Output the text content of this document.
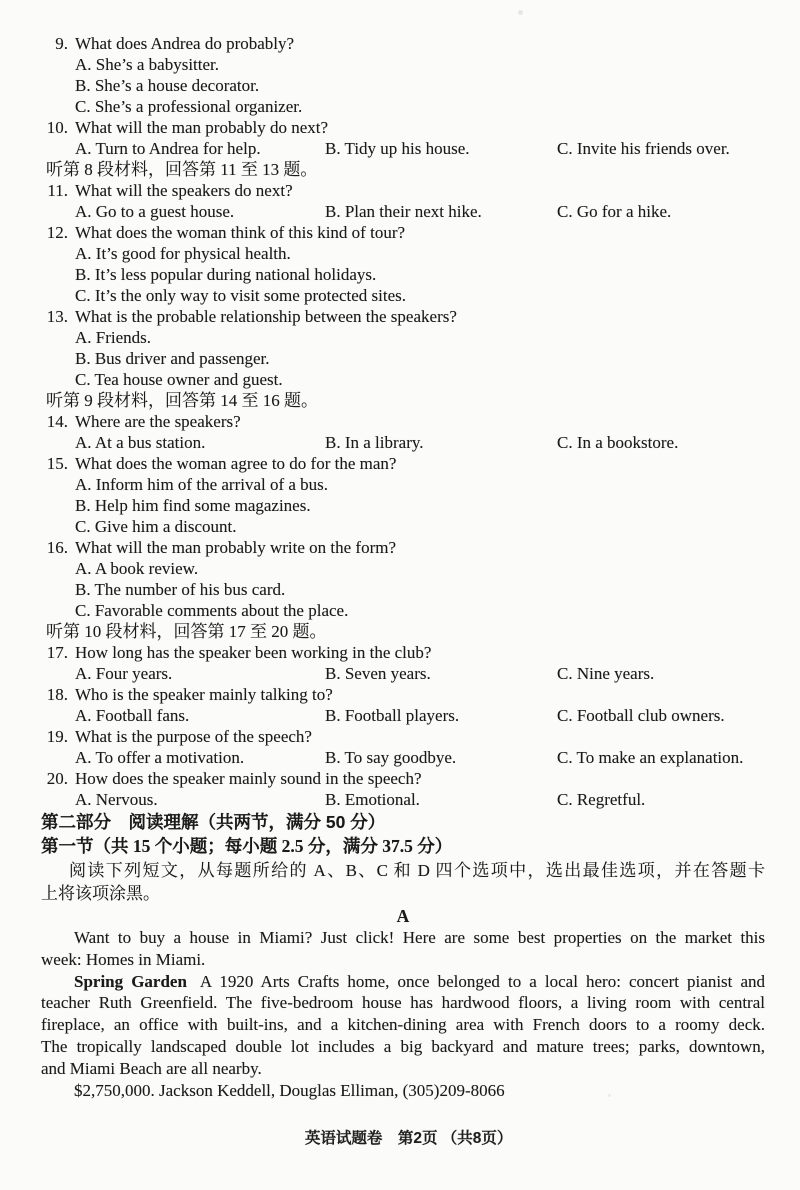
9. What does Andrea do probably?
A. She’s a babysitter.
B. She’s a house decorator.
C. She’s a professional organizer.
10. What will the man probably do next?
A. Turn to Andrea for help.	B. Tidy up his house.	C. Invite his friends over.
听第 8 段材料，回答第 11 至 13 题。
11. What will the speakers do next?
A. Go to a guest house.	B. Plan their next hike.	C. Go for a hike.
12. What does the woman think of this kind of tour?
A. It’s good for physical health.
B. It’s less popular during national holidays.
C. It’s the only way to visit some protected sites.
13. What is the probable relationship between the speakers?
A. Friends.
B. Bus driver and passenger.
C. Tea house owner and guest.
听第 9 段材料，回答第 14 至 16 题。
14. Where are the speakers?
A. At a bus station.	B. In a library.	C. In a bookstore.
15. What does the woman agree to do for the man?
A. Inform him of the arrival of a bus.
B. Help him find some magazines.
C. Give him a discount.
16. What will the man probably write on the form?
A. A book review.
B. The number of his bus card.
C. Favorable comments about the place.
听第 10 段材料，回答第 17 至 20 题。
17. How long has the speaker been working in the club?
A. Four years.	B. Seven years.	C. Nine years.
18. Who is the speaker mainly talking to?
A. Football fans.	B. Football players.	C. Football club owners.
19. What is the purpose of the speech?
A. To offer a motivation.	B. To say goodbye.	C. To make an explanation.
20. How does the speaker mainly sound in the speech?
A. Nervous.	B. Emotional.	C. Regretful.
第二部分　阅读理解（共两节，满分 50 分）
第一节（共 15 个小题；每小题 2.5 分，满分 37.5 分）
阅读下列短文，从每题所给的 A、B、C 和 D 四个选项中，选出最佳选项，并在答题卡
上将该项涂黑。
A
Want to buy a house in Miami? Just click! Here are some best properties on the market this
week: Homes in Miami.
Spring Garden A 1920 Arts Crafts home, once belonged to a local hero: concert pianist and
teacher Ruth Greenfield. The five-bedroom house has hardwood floors, a living room with central
fireplace, an office with built-ins, and a kitchen-dining area with French doors to a roomy deck.
The tropically landscaped double lot includes a big backyard and mature trees; parks, downtown,
and Miami Beach are all nearby.
$2,750,000. Jackson Keddell, Douglas Elliman, (305)209-8066

英语试题卷　第2页 （共8页）
